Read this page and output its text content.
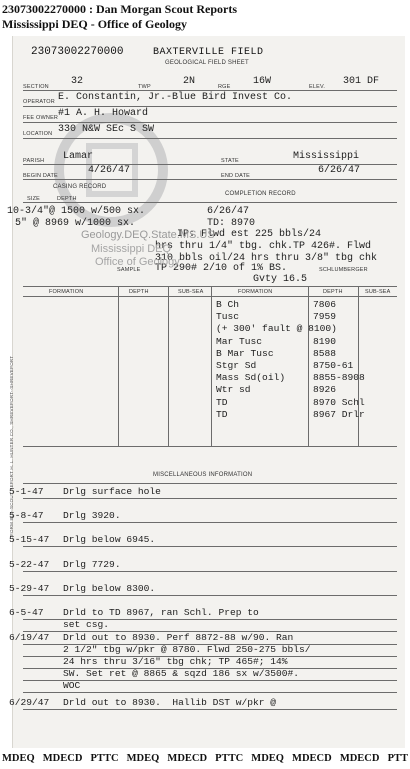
23073002270000 : Dan Morgan Scout Reports
Mississippi DEQ - Office of Geology
23073002270000	BAXTERVILLE FIELD
GEOLOGICAL FIELD SHEET
SECTION 32	TWP	2N	RGE 16W	ELEV. 301 DF
OPERATOR E. Constantin, Jr.-Blue Bird Invest Co.
FEE OWNER #1 A. H. Howard
LOCATION 330 N&W SEc S SW
PARISH Lamar	STATE	Mississippi
BEGIN DATE	4/26/47	END DATE	6/26/47
CASING RECORD
SIZE	DEPTH
COMPLETION RECORD
10-3/4"@ 1500 w/500 sx.
5" @ 8969 w/1000 sx.
6/26/47
TD: 8970
IP: Flwd est 225 bbls/24
hrs thru 1/4" tbg. chk.TP 426#. Flwd
310 bbls oil/24 hrs thru 3/8" tbg chk
TP 290# 2/10 of 1% BS.
Gvty 16.5
Geology.DEQ.State.MS.US
Mississippi DEQ
Office of Geology
SAMPLE	SCHLUMBERGER
FORMATION	DEPTH	SUB-SEA	FORMATION	DEPTH	SUB-SEA
B Ch	7806
Tusc	7959
(+ 300' fault @ 8100)
Mar Tusc	8190
B Mar Tusc	8588
Stgr Sd	8750-61
Mass Sd(oil)	8855-8908
Wtr sd	8926
TD	8970 Schl
TD	8967 Drlr
MISCELLANEOUS INFORMATION
5-1-47 Drlg surface hole
5-8-47 Drlg 3920.
5-15-47 Drlg below 6945.
5-22-47 Drlg 7729.
5-29-47 Drlg below 8300.
6-5-47 Drld to TD 8967, ran Schl. Prep to
set csg.
6/19/47 Drld out to 8930. Perf 8872-88 w/90. Ran
2 1/2" tbg w/pkr @ 8780. Flwd 250-275 bbls/
24 hrs thru 3/16" tbg chk; TP 465#; 14%
SW. Set ret @ 8865 & sqzd 186 sx w/3500#.
WOC
6/29/47 Drld out to 8930.  Hallib DST w/pkr @
FORM 812--SCOUT REPORT H. L. HUNTER CO., SHREVEPORT--SHREVEPORT
MDEQ MDECD PTTC MDEQ MDECD PTTC MDEQ MDECD MDECD PTT
